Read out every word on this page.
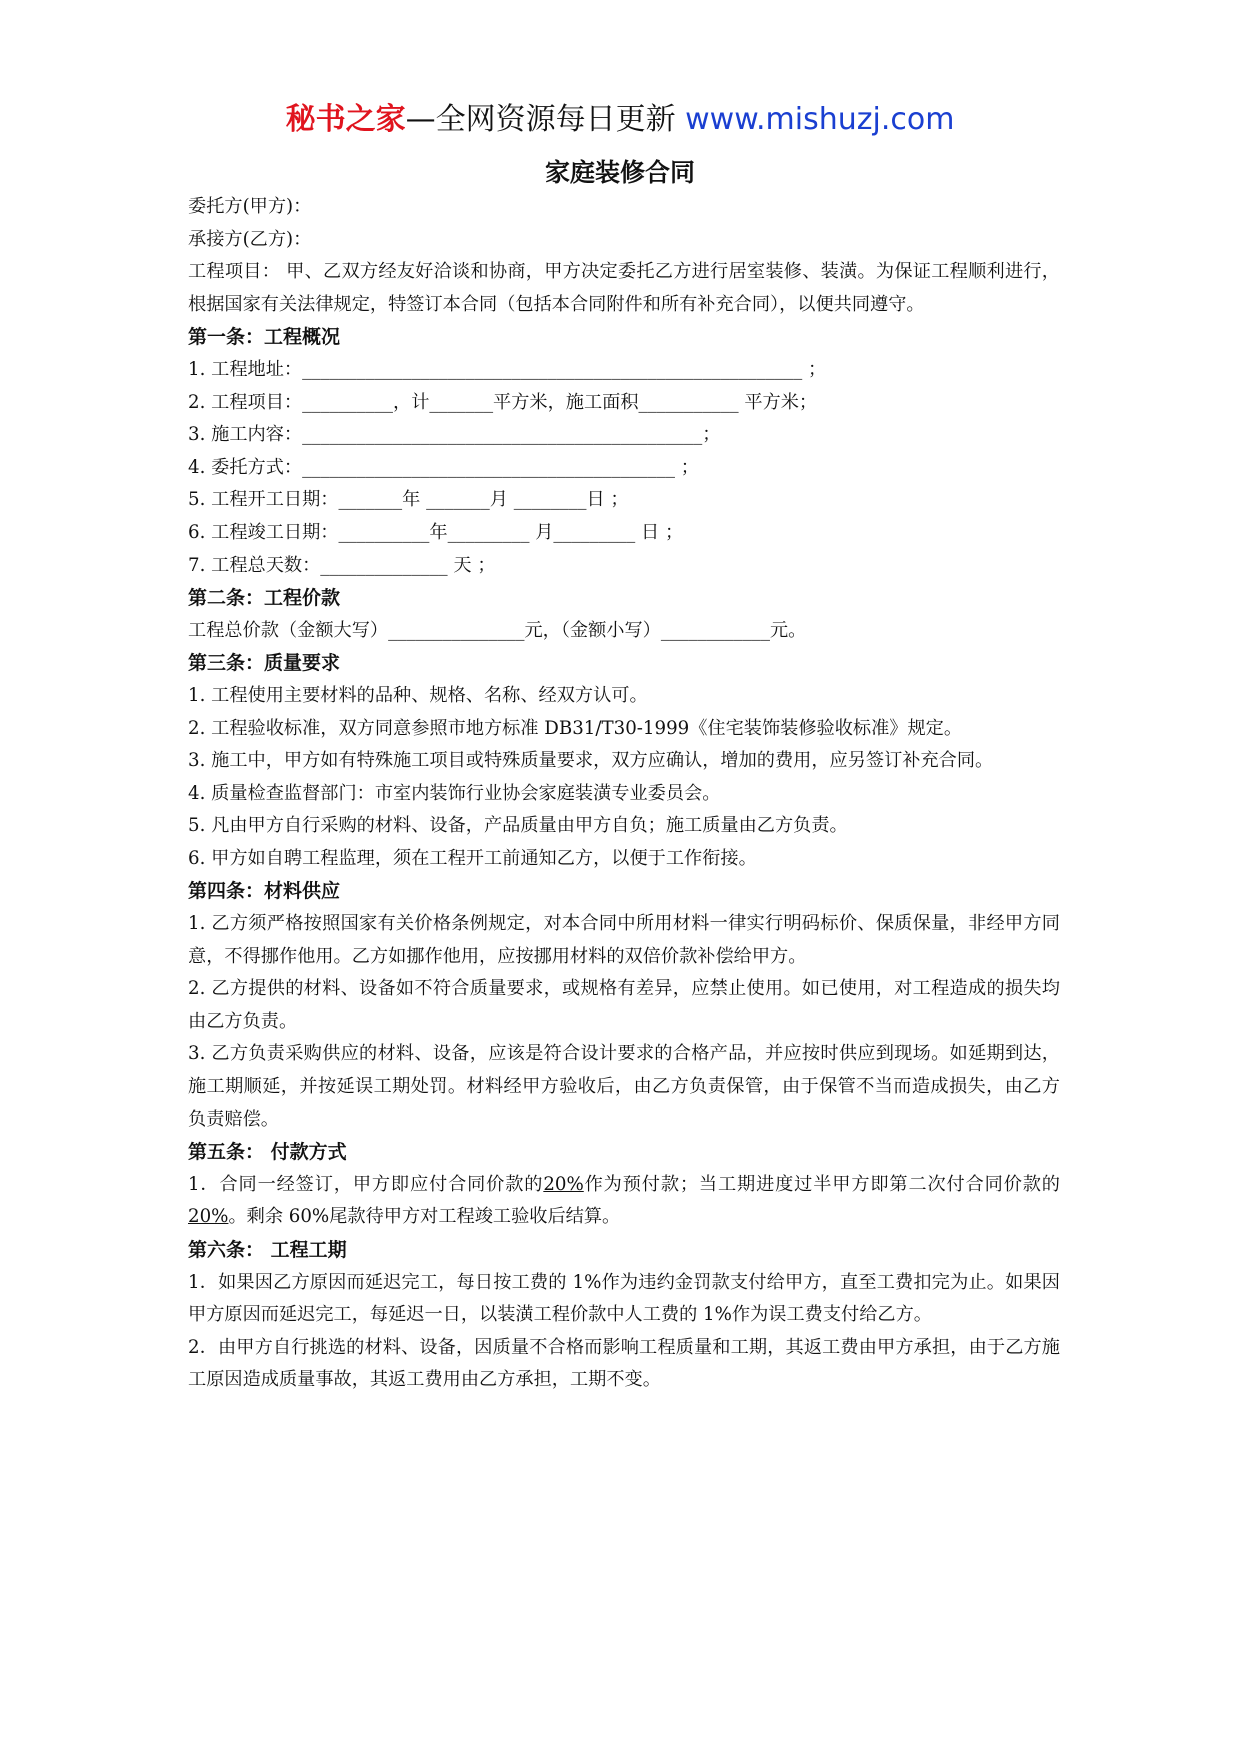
秘书之家—全网资源每日更新 www.mishuzj.com
家庭装修合同

委托方(甲方)：

承接方(乙方)：

工程项目： 甲、乙双方经友好洽谈和协商，甲方决定委托乙方进行居室装修、装潢。为保证工程顺利进行，根据国家有关法律规定，特签订本合同（包括本合同附件和所有补充合同），以便共同遵守。

第一条：工程概况

1. 工程地址：_______________________________________________________ ；

2. 工程项目：__________，计_______平方米，施工面积___________ 平方米；

3. 施工内容：____________________________________________；

4. 委托方式：_________________________________________ ；

5. 工程开工日期：_______年 _______月 ________日 ；

6. 工程竣工日期：__________年_________ 月_________ 日 ；

7. 工程总天数：______________ 天 ；

第二条：工程价款

工程总价款（金额大写）_______________元，（金额小写）____________元。

第三条：质量要求

1. 工程使用主要材料的品种、规格、名称、经双方认可。

2. 工程验收标准，双方同意参照市地方标准 DB31/T30-1999《住宅装饰装修验收标准》规定。

3. 施工中，甲方如有特殊施工项目或特殊质量要求，双方应确认，增加的费用，应另签订补充合同。

4. 质量检查监督部门：市室内装饰行业协会家庭装潢专业委员会。

5. 凡由甲方自行采购的材料、设备，产品质量由甲方自负；施工质量由乙方负责。

6. 甲方如自聘工程监理，须在工程开工前通知乙方，以便于工作衔接。

第四条：材料供应

1. 乙方须严格按照国家有关价格条例规定，对本合同中所用材料一律实行明码标价、保质保量，非经甲方同意，不得挪作他用。乙方如挪作他用，应按挪用材料的双倍价款补偿给甲方。

2. 乙方提供的材料、设备如不符合质量要求，或规格有差异，应禁止使用。如已使用，对工程造成的损失均由乙方负责。

3. 乙方负责采购供应的材料、设备，应该是符合设计要求的合格产品，并应按时供应到现场。如延期到达，施工期顺延，并按延误工期处罚。材料经甲方验收后，由乙方负责保管，由于保管不当而造成损失，由乙方负责赔偿。

第五条： 付款方式

1．合同一经签订，甲方即应付合同价款的20%作为预付款；当工期进度过半甲方即第二次付合同价款的20%。剩余 60%尾款待甲方对工程竣工验收后结算。

第六条： 工程工期

1．如果因乙方原因而延迟完工，每日按工费的 1%作为违约金罚款支付给甲方，直至工费扣完为止。如果因甲方原因而延迟完工，每延迟一日，以装潢工程价款中人工费的 1%作为误工费支付给乙方。

2．由甲方自行挑选的材料、设备，因质量不合格而影响工程质量和工期，其返工费由甲方承担，由于乙方施工原因造成质量事故，其返工费用由乙方承担，工期不变。
